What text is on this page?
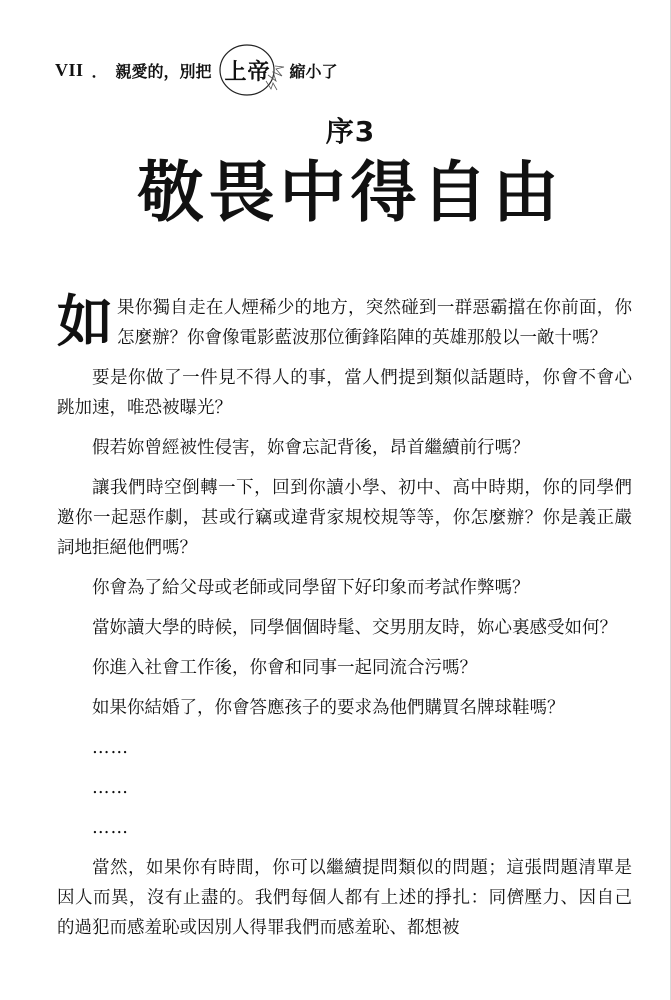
VII ． 親愛的，別把 上帝	縮小了
序3
敬畏中得自由

如果你獨自走在人煙稀少的地方，突然碰到一群惡霸擋在你前面，你怎麼辦？你會像電影藍波那位衝鋒陷陣的英雄那般以一敵十嗎？

要是你做了一件見不得人的事，當人們提到類似話題時，你會不會心跳加速，唯恐被曝光？

假若妳曾經被性侵害，妳會忘記背後，昂首繼續前行嗎？

讓我們時空倒轉一下，回到你讀小學、初中、高中時期，你的同學們邀你一起惡作劇，甚或行竊或違背家規校規等等，你怎麼辦？你是義正嚴詞地拒絕他們嗎？

你會為了給父母或老師或同學留下好印象而考試作弊嗎？

當妳讀大學的時候，同學個個時髦、交男朋友時，妳心裏感受如何？

你進入社會工作後，你會和同事一起同流合污嗎？

如果你結婚了，你會答應孩子的要求為他們購買名牌球鞋嗎？

……

……

……

當然，如果你有時間，你可以繼續提問類似的問題；這張問題清單是因人而異，沒有止盡的。我們每個人都有上述的掙扎：同儕壓力、因自己的過犯而感羞恥或因別人得罪我們而感羞恥、都想被
